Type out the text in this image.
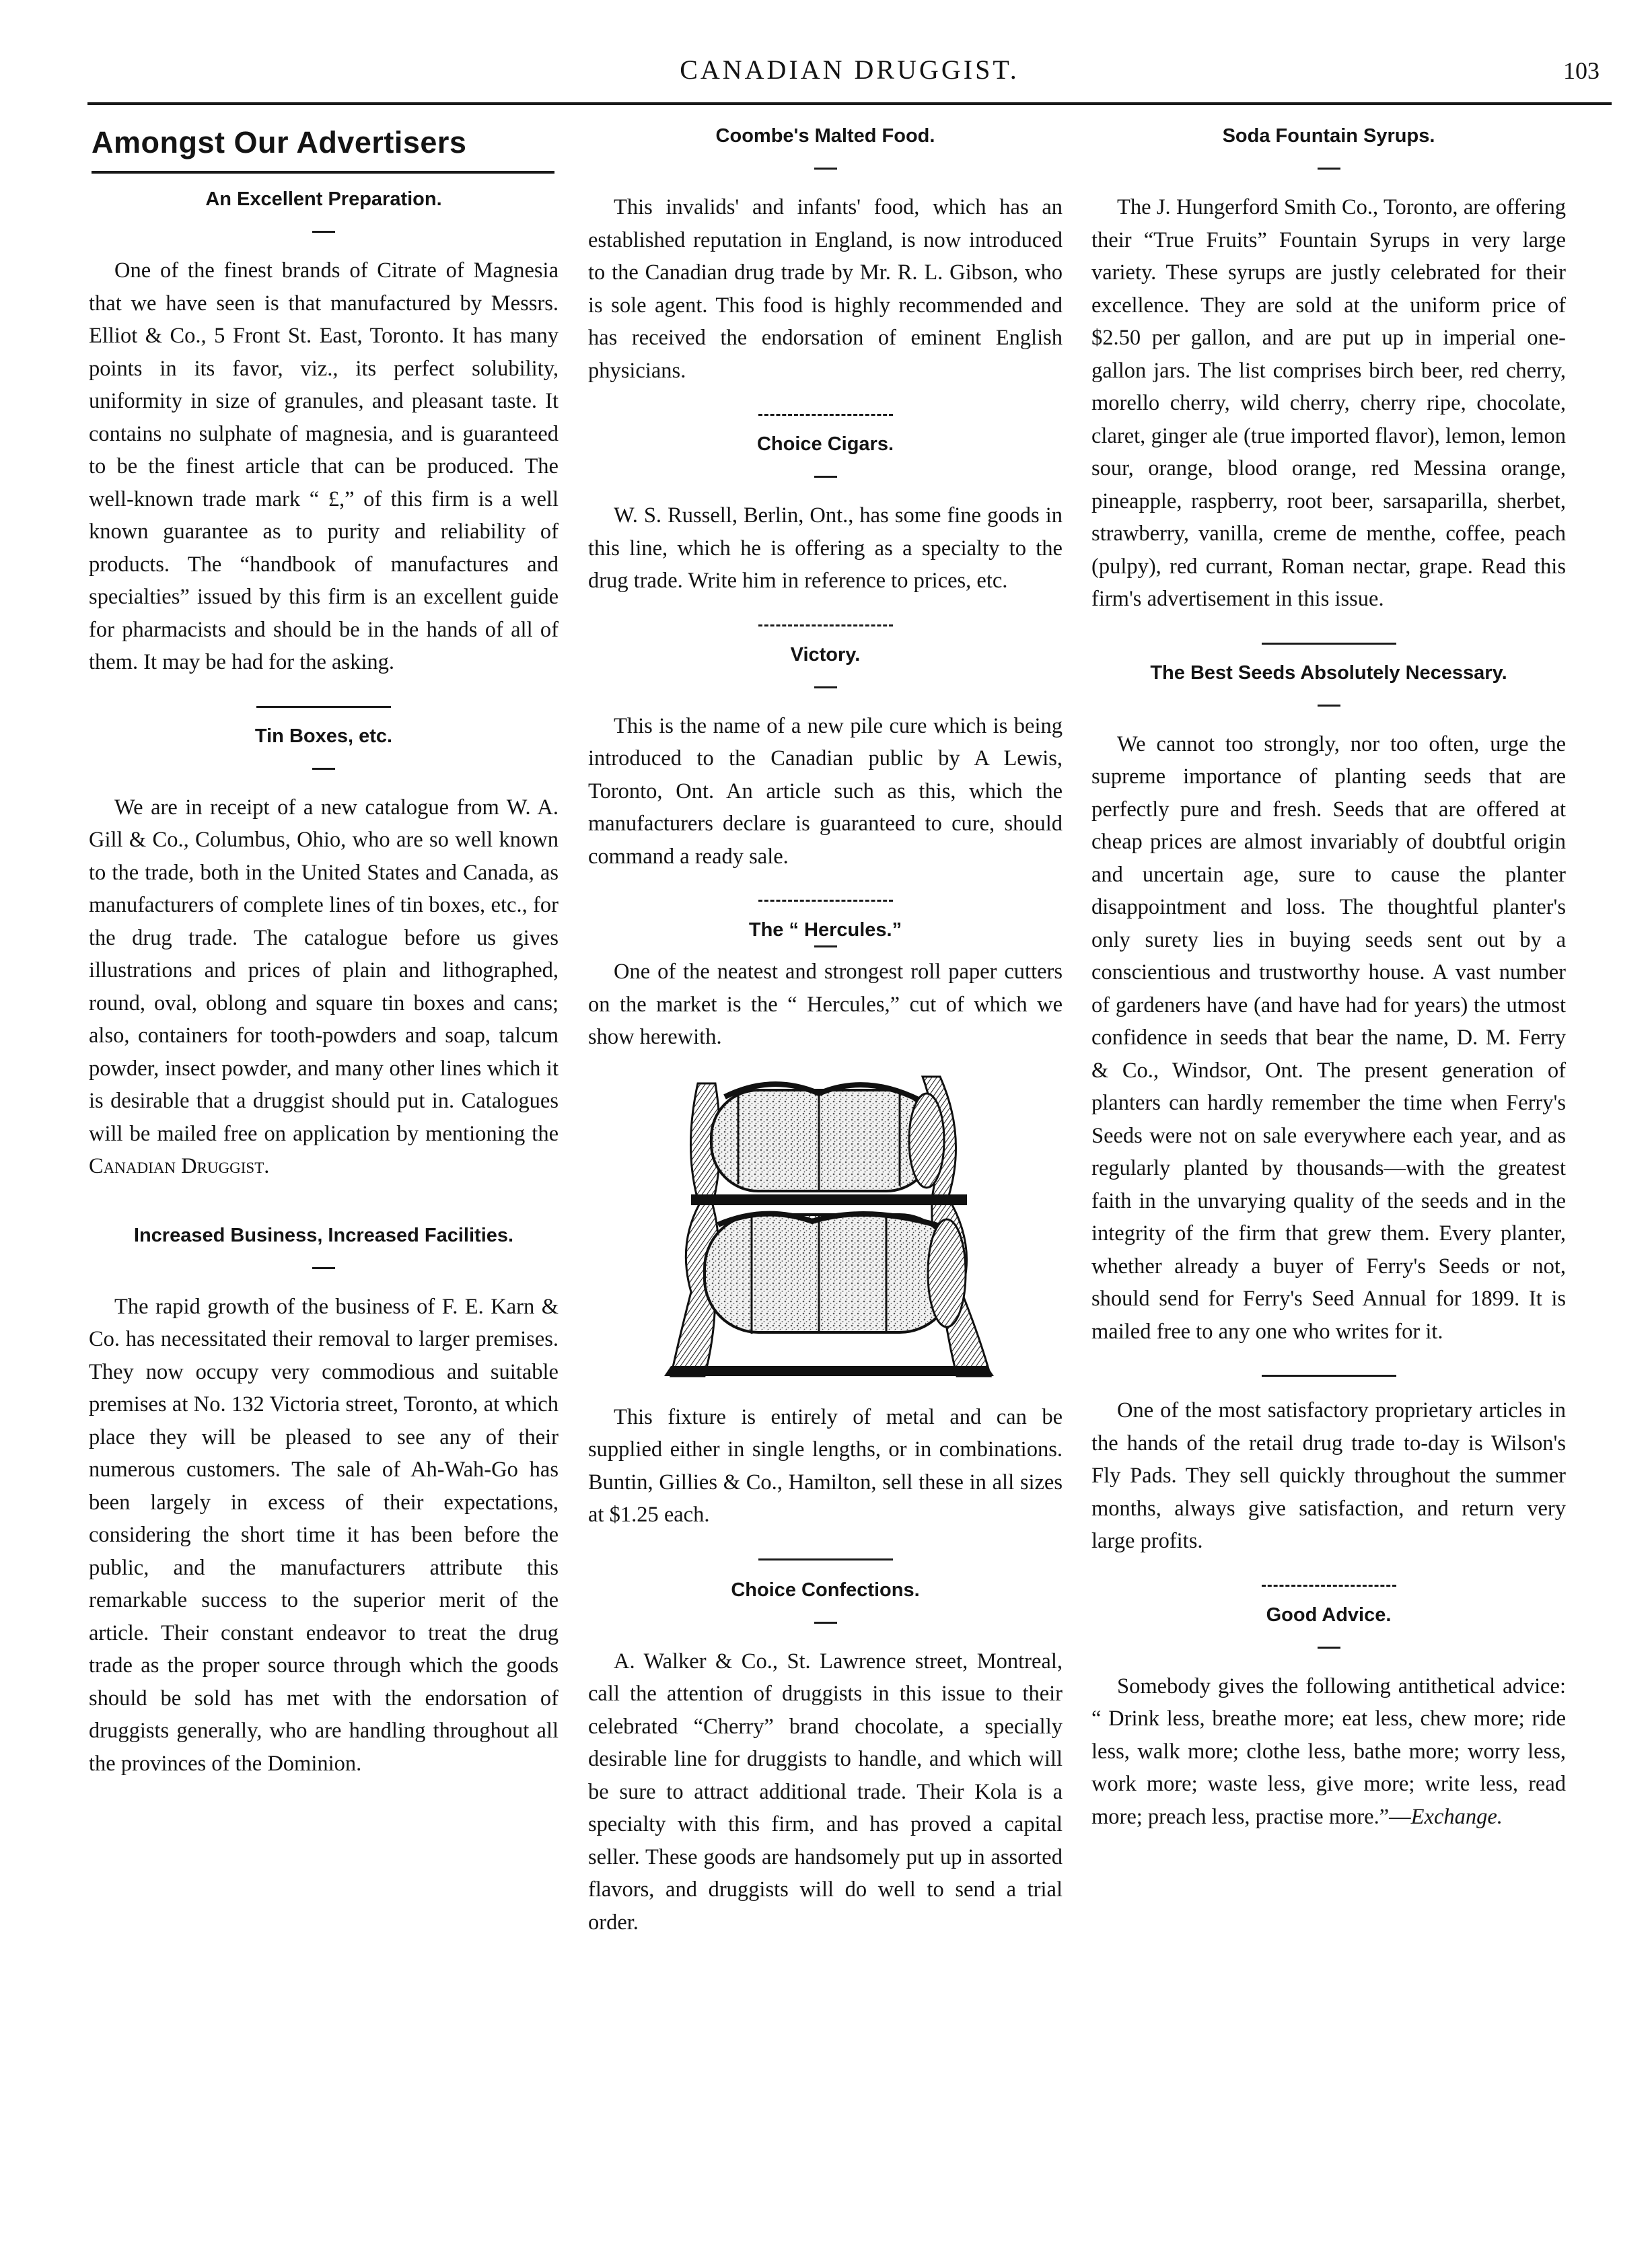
CANADIAN DRUGGIST.	103
Amongst Our Advertisers
An Excellent Preparation.

One of the finest brands of Citrate of Magnesia that we have seen is that manufactured by Messrs. Elliot & Co., 5 Front St. East, Toronto. It has many points in its favor, viz., its perfect solubility, uniformity in size of granules, and pleasant taste. It contains no sulphate of magnesia, and is guaranteed to be the finest article that can be produced. The well-known trade mark “ £,” of this firm is a well known guarantee as to purity and reliability of products. The “handbook of manufactures and specialties” issued by this firm is an excellent guide for pharmacists and should be in the hands of all of them. It may be had for the asking.

Tin Boxes, etc.

We are in receipt of a new catalogue from W. A. Gill & Co., Columbus, Ohio, who are so well known to the trade, both in the United States and Canada, as manufacturers of complete lines of tin boxes, etc., for the drug trade. The catalogue before us gives illustrations and prices of plain and lithographed, round, oval, oblong and square tin boxes and cans; also, containers for tooth-powders and soap, talcum powder, insect powder, and many other lines which it is desirable that a druggist should put in. Catalogues will be mailed free on application by mentioning the Canadian Druggist.

Increased Business, Increased Facilities.

The rapid growth of the business of F. E. Karn & Co. has necessitated their removal to larger premises. They now occupy very commodious and suitable premises at No. 132 Victoria street, Toronto, at which place they will be pleased to see any of their numerous customers. The sale of Ah-Wah-Go has been largely in excess of their expectations, considering the short time it has been before the public, and the manufacturers attribute this remarkable success to the superior merit of the article. Their constant endeavor to treat the drug trade as the proper source through which the goods should be sold has met with the endorsation of druggists generally, who are handling throughout all the provinces of the Dominion.

Coombe's Malted Food.

This invalids' and infants' food, which has an established reputation in England, is now introduced to the Canadian drug trade by Mr. R. L. Gibson, who is sole agent. This food is highly recommended and has received the endorsation of eminent English physicians.

Choice Cigars.

W. S. Russell, Berlin, Ont., has some fine goods in this line, which he is offering as a specialty to the drug trade. Write him in reference to prices, etc.

Victory.

This is the name of a new pile cure which is being introduced to the Canadian public by A Lewis, Toronto, Ont. An article such as this, which the manufacturers declare is guaranteed to cure, should command a ready sale.

The “ Hercules.”

One of the neatest and strongest roll paper cutters on the market is the “ Hercules,” cut of which we show herewith.

This fixture is entirely of metal and can be supplied either in single lengths, or in combinations. Buntin, Gillies & Co., Hamilton, sell these in all sizes at $1.25 each.

Choice Confections.

A. Walker & Co., St. Lawrence street, Montreal, call the attention of druggists in this issue to their celebrated “Cherry” brand chocolate, a specially desirable line for druggists to handle, and which will be sure to attract additional trade. Their Kola is a specialty with this firm, and has proved a capital seller. These goods are handsomely put up in assorted flavors, and druggists will do well to send a trial order.

Soda Fountain Syrups.

The J. Hungerford Smith Co., Toronto, are offering their “True Fruits” Fountain Syrups in very large variety. These syrups are justly celebrated for their excellence. They are sold at the uniform price of $2.50 per gallon, and are put up in imperial one-gallon jars. The list comprises birch beer, red cherry, morello cherry, wild cherry, cherry ripe, chocolate, claret, ginger ale (true imported flavor), lemon, lemon sour, orange, blood orange, red Messina orange, pineapple, raspberry, root beer, sarsaparilla, sherbet, strawberry, vanilla, creme de menthe, coffee, peach (pulpy), red currant, Roman nectar, grape. Read this firm's advertisement in this issue.

The Best Seeds Absolutely Necessary.

We cannot too strongly, nor too often, urge the supreme importance of planting seeds that are perfectly pure and fresh. Seeds that are offered at cheap prices are almost invariably of doubtful origin and uncertain age, sure to cause the planter disappointment and loss. The thoughtful planter's only surety lies in buying seeds sent out by a conscientious and trustworthy house. A vast number of gardeners have (and have had for years) the utmost confidence in seeds that bear the name, D. M. Ferry & Co., Windsor, Ont. The present generation of planters can hardly remember the time when Ferry's Seeds were not on sale everywhere each year, and as regularly planted by thousands—with the greatest faith in the unvarying quality of the seeds and in the integrity of the firm that grew them. Every planter, whether already a buyer of Ferry's Seeds or not, should send for Ferry's Seed Annual for 1899. It is mailed free to any one who writes for it.

One of the most satisfactory proprietary articles in the hands of the retail drug trade to-day is Wilson's Fly Pads. They sell quickly throughout the summer months, always give satisfaction, and return very large profits.

Good Advice.

Somebody gives the following antithetical advice: “ Drink less, breathe more; eat less, chew more; ride less, walk more; clothe less, bathe more; worry less, work more; waste less, give more; write less, read more; preach less, practise more.”—Exchange.
